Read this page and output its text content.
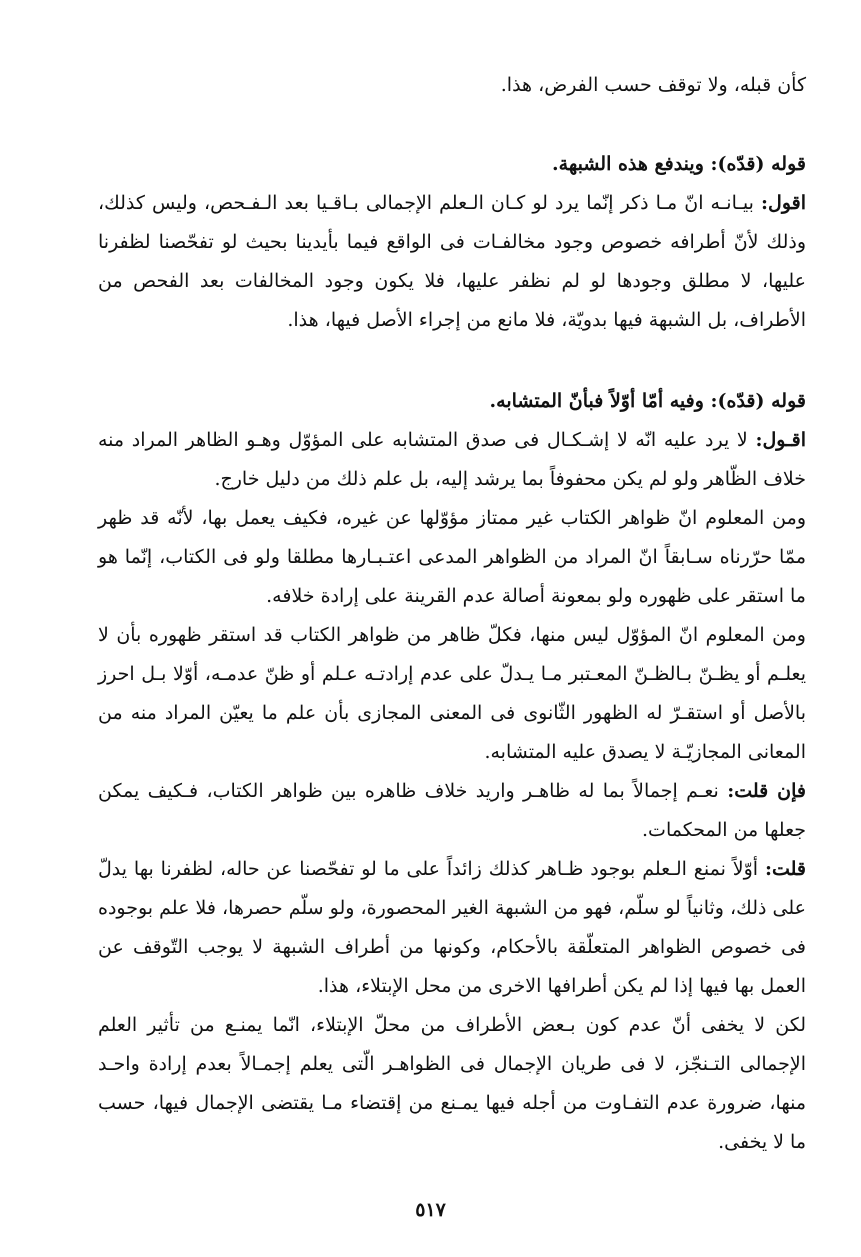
كأن قبله، ولا توقف حسب الفرض، هذا.

قوله (قدّه): ويندفع هذه الشبهة.

اقول: بيـانـه انّ مـا ذكر إنّما يرد لو كـان الـعلم الإجمالی بـاقـیا بعد الـفـحص، ولیس كذلك، وذلك لأنّ أطرافه خصوص وجود مخالفـات فی الواقع فیما بأیدینا بحیث لو تفحّصنا لظفرنا علیها، لا مطلق وجودها لو لم نظفر علیها، فلا یكون وجود المخالفات بعد الفحص من الأطراف، بل الشبهة فیها بدویّة، فلا مانع من إجراء الأصل فیها، هذا.

قوله (قدّه): وفیه أمّا أوّلاً فبأنّ المتشابه.

اقـول: لا یرد علیه انّه لا إشـكـال فی صدق المتشابه علی المؤوّل وهـو الظاهر المراد منه خلاف الظّاهر ولو لم یكن محفوفاً بما یرشد إلیه، بل علم ذلك من دلیل خارج.

ومن المعلوم انّ ظواهر الكتاب غیر ممتاز مؤوّلها عن غیره، فكیف یعمل بها، لأنّه قد ظهر ممّا حرّرناه سـابقاً انّ المراد من الظواهر المدعی اعتـبـارها مطلقا ولو فی الكتاب، إنّما هو ما استقر علی ظهوره ولو بمعونة أصالة عدم القرینة علی إرادة خلافه.

ومن المعلوم انّ المؤوّل لیس منها، فكلّ ظاهر من ظواهر الكتاب قد استقر ظهوره بأن لا یعلـم أو یظـنّ بـالظـنّ المعـتبر مـا یـدلّ علی عدم إرادتـه عـلم أو ظنّ عدمـه، أوّلا بـل احرز بالأصل أو استقـرّ له الظهور الثّانوی فی المعنی المجازی بأن علم ما یعیّن المراد منه من المعانی المجازیّـة لا یصدق علیه المتشابه.

فإن قلت: نعـم إجمالاً بما له ظاهـر وارید خلاف ظاهره بین ظواهر الكتاب، فـكیف یمكن جعلها من المحكمات.

قلت: أوّلاً نمنع الـعلم بوجود ظـاهر كذلك زائداً علی ما لو تفحّصنا عن حاله، لظفرنا بها یدلّ علی ذلك، وثانیاً لو سلّم، فهو من الشبهة الغیر المحصورة، ولو سلّم حصرها، فلا علم بوجوده فی خصوص الظواهر المتعلّقة بالأحكام، وكونها من أطراف الشبهة لا یوجب التّوقف عن العمل بها فیها إذا لم یكن أطرافها الاخری من محل الإبتلاء، هذا.

لكن لا یخفی أنّ عدم كون بـعض الأطراف من محلّ الإبتلاء، انّما یمنـع من تأثیر العلم الإجمالی التـنجّز، لا فی طریان الإجمال فی الظواهـر الّتی یعلم إجمـالاً بعدم إرادة واحـد منها، ضرورة عدم التفـاوت من أجله فیها یمـنع من إقتضاء مـا یقتضی الإجمال فیها، حسب ما لا یخفی.

٥١٧
